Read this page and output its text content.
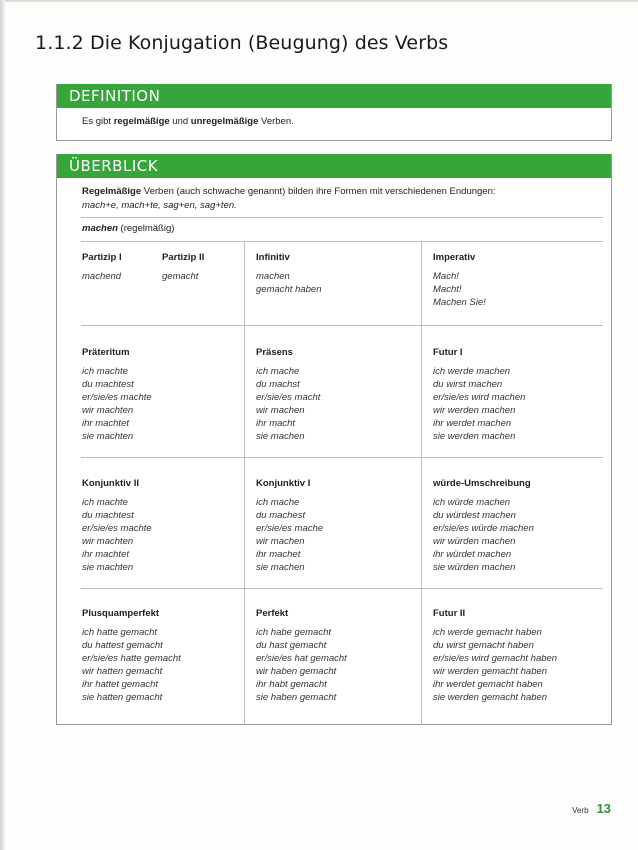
1.1.2 Die Konjugation (Beugung) des Verbs
DEFINITION
Es gibt regelmäßige und unregelmäßige Verben.
ÜBERBLICK
Regelmäßige Verben (auch schwache genannt) bilden ihre Formen mit verschiedenen Endungen:
mach+e, mach+te, sag+en, sag+ten.
machen (regelmäßig)
Partizip I
machend
Partizip II
gemacht
Infinitiv
machen
gemacht haben
Imperativ
Mach!
Macht!
Machen Sie!
Präteritum
ich machte
du machtest
er/sie/es machte
wir machten
ihr machtet
sie machten
Präsens
ich mache
du machst
er/sie/es macht
wir machen
ihr macht
sie machen
Futur I
ich werde machen
du wirst machen
er/sie/es wird machen
wir werden machen
ihr werdet machen
sie werden machen
Konjunktiv II
ich machte
du machtest
er/sie/es machte
wir machten
ihr machtet
sie machten
Konjunktiv I
ich mache
du machest
er/sie/es mache
wir machen
ihr machet
sie machen
würde-Umschreibung
ich würde machen
du würdest machen
er/sie/es würde machen
wir würden machen
ihr würdet machen
sie würden machen
Plusquamperfekt
ich hatte gemacht
du hattest gemacht
er/sie/es hatte gemacht
wir hatten gemacht
ihr hattet gemacht
sie hatten gemacht
Perfekt
ich habe gemacht
du hast gemacht
er/sie/es hat gemacht
wir haben gemacht
ihr habt gemacht
sie haben gemacht
Futur II
ich werde gemacht haben
du wirst gemacht haben
er/sie/es wird gemacht haben
wir werden gemacht haben
ihr werdet gemacht haben
sie werden gemacht haben
Verb 13
